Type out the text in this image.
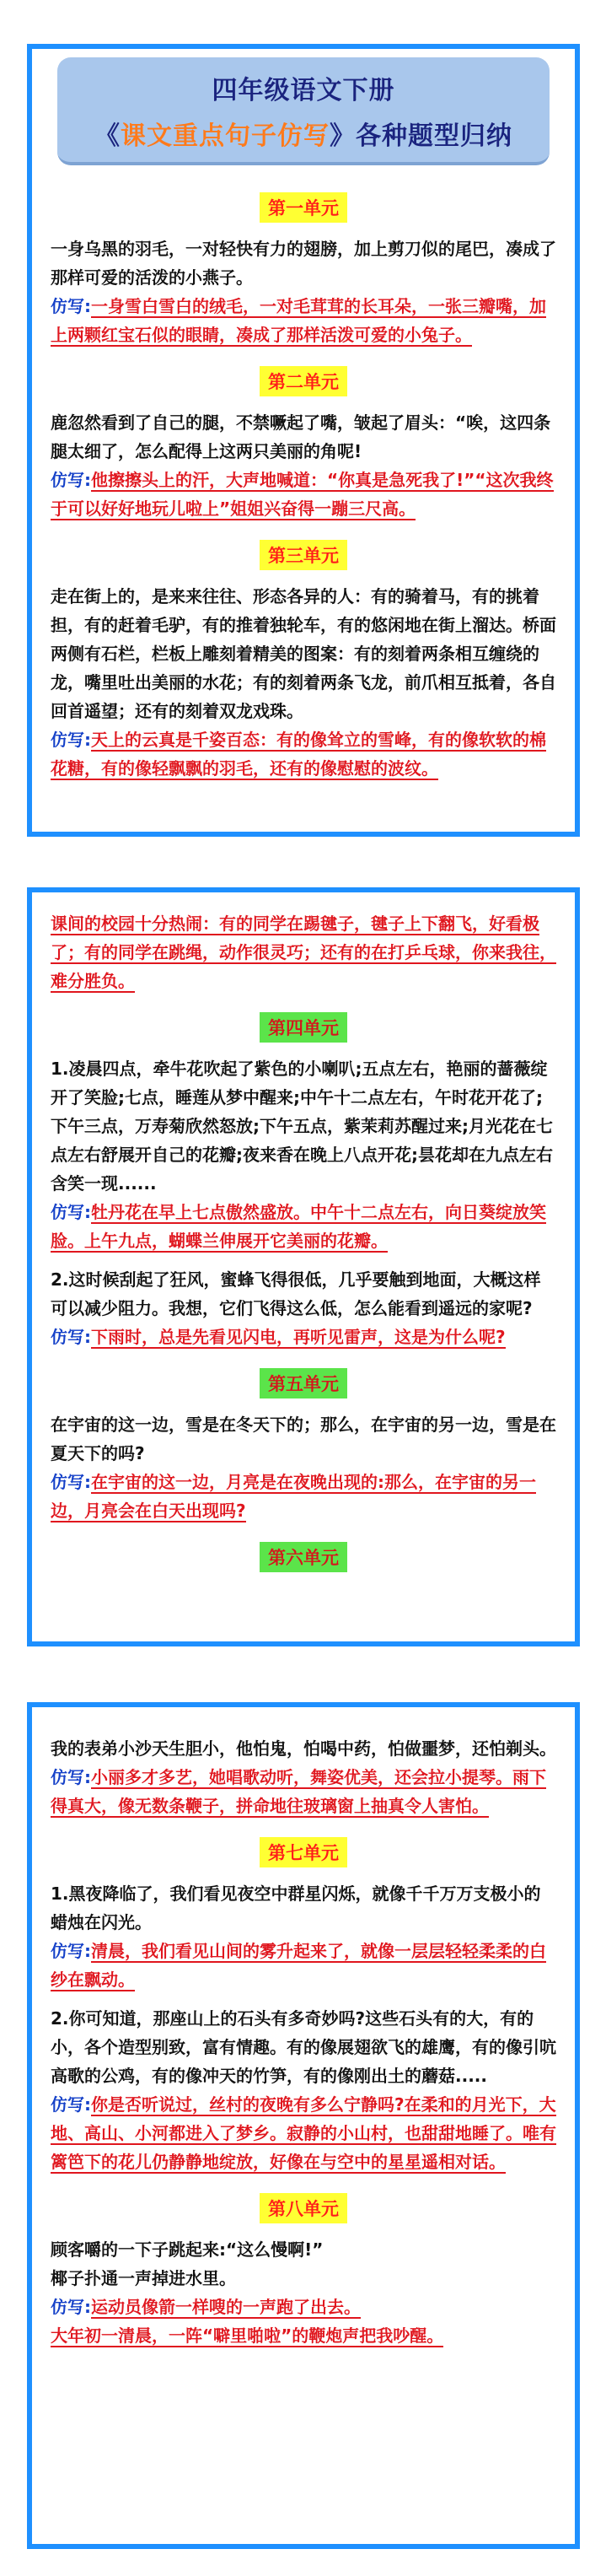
四年级语文下册
《课文重点句子仿写》各种题型归纳
第一单元
一身乌黑的羽毛，一对轻快有力的翅膀，加上剪刀似的尾巴，凑成了那样可爱的活泼的小燕子。
仿写:一身雪白雪白的绒毛，一对毛茸茸的长耳朵，一张三瓣嘴，加上两颗红宝石似的眼睛，凑成了那样活泼可爱的小兔子。
第二单元
鹿忽然看到了自己的腿，不禁噘起了嘴，皱起了眉头：“唉，这四条腿太细了，怎么配得上这两只美丽的角呢!
仿写:他擦擦头上的汗，大声地喊道：“你真是急死我了!”“这次我终于可以好好地玩儿啦上”姐姐兴奋得一蹦三尺高。
第三单元
走在街上的，是来来往往、形态各异的人：有的骑着马，有的挑着担，有的赶着毛驴，有的推着独轮车，有的悠闲地在街上溜达。桥面两侧有石栏，栏板上雕刻着精美的图案：有的刻着两条相互缠绕的龙，嘴里吐出美丽的水花；有的刻着两条飞龙，前爪相互抵着，各自回首遥望；还有的刻着双龙戏珠。
仿写:天上的云真是千姿百态：有的像耸立的雪峰，有的像软软的棉花糖，有的像轻飘飘的羽毛，还有的像慰慰的波纹。
课间的校园十分热闹：有的同学在踢毽子，毽子上下翻飞，好看极了；有的同学在跳绳，动作很灵巧；还有的在打乒乓球，你来我往，难分胜负。
第四单元
1.凌晨四点，牵牛花吹起了紫色的小喇叭;五点左右，艳丽的蔷薇绽开了笑脸;七点，睡莲从梦中醒来;中午十二点左右，午时花开花了;下午三点，万寿菊欣然怒放;下午五点，紫茉莉苏醒过来;月光花在七点左右舒展开自己的花瓣;夜来香在晚上八点开花;昙花却在九点左右含笑一现......
仿写:牡丹花在早上七点傲然盛放。中午十二点左右，向日葵绽放笑脸。上午九点，蝴蝶兰伸展开它美丽的花瓣。
2.这时候刮起了狂风，蜜蜂飞得很低，几乎要触到地面，大概这样可以减少阻力。我想，它们飞得这么低，怎么能看到遥远的家呢?
仿写:下雨时，总是先看见闪电，再听见雷声，这是为什么呢?
第五单元
在宇宙的这一边，雪是在冬天下的；那么，在宇宙的另一边，雪是在夏天下的吗?
仿写:在宇宙的这一边，月亮是在夜晚出现的:那么，在宇宙的另一边，月亮会在白天出现吗?
第六单元
我的表弟小沙天生胆小，他怕鬼，怕喝中药，怕做噩梦，还怕剃头。
仿写:小丽多才多艺，她唱歌动听，舞姿优美，还会拉小提琴。雨下得真大，像无数条鞭子，拼命地往玻璃窗上抽真令人害怕。
第七单元
1.黑夜降临了，我们看见夜空中群星闪烁，就像千千万万支极小的蜡烛在闪光。
仿写:清晨，我们看见山间的雾升起来了，就像一层层轻轻柔柔的白纱在飘动。
2.你可知道，那座山上的石头有多奇妙吗?这些石头有的大，有的小，各个造型别致，富有情趣。有的像展翅欲飞的雄鹰，有的像引吭高歌的公鸡，有的像冲天的竹笋，有的像刚出土的蘑菇.....
仿写:你是否听说过，丝村的夜晚有多么宁静吗?在柔和的月光下，大地、高山、小河都进入了梦乡。寂静的小山村，也甜甜地睡了。唯有篱笆下的花儿仍静静地绽放，好像在与空中的星星遥相对话。
第八单元
顾客嚼的一下子跳起来:“这么慢啊!”
椰子扑通一声掉进水里。
仿写:运动员像箭一样嗖的一声跑了出去。
大年初一清晨，一阵“噼里啪啦”的鞭炮声把我吵醒。
